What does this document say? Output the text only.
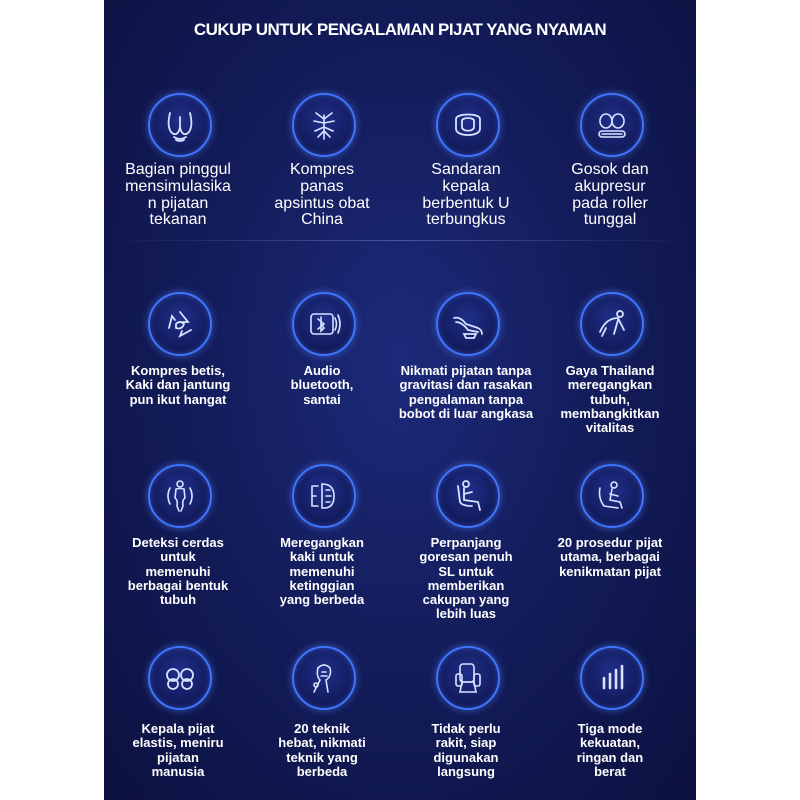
CUKUP UNTUK PENGALAMAN PIJAT YANG NYAMAN
Bagian pinggul
mensimulasika
n pijatan
tekanan
Kompres
panas
apsintus obat
China
Sandaran
kepala
berbentuk U
terbungkus
Gosok dan
akupresur
pada roller
tunggal
Kompres betis,
Kaki dan jantung
pun ikut hangat
Audio
bluetooth,
santai
Nikmati pijatan tanpa
gravitasi dan rasakan
pengalaman tanpa
bobot di luar angkasa
Gaya Thailand
meregangkan
tubuh,
membangkitkan
vitalitas
Deteksi cerdas
untuk
memenuhi
berbagai bentuk
tubuh
Meregangkan
kaki untuk
memenuhi
ketinggian
yang berbeda
Perpanjang
goresan penuh
SL untuk
memberikan
cakupan yang
lebih luas
20 prosedur pijat
utama, berbagai
kenikmatan pijat
Kepala pijat
elastis, meniru
pijatan
manusia
20 teknik
hebat, nikmati
teknik yang
berbeda
Tidak perlu
rakit, siap
digunakan
langsung
Tiga mode
kekuatan,
ringan dan
berat
